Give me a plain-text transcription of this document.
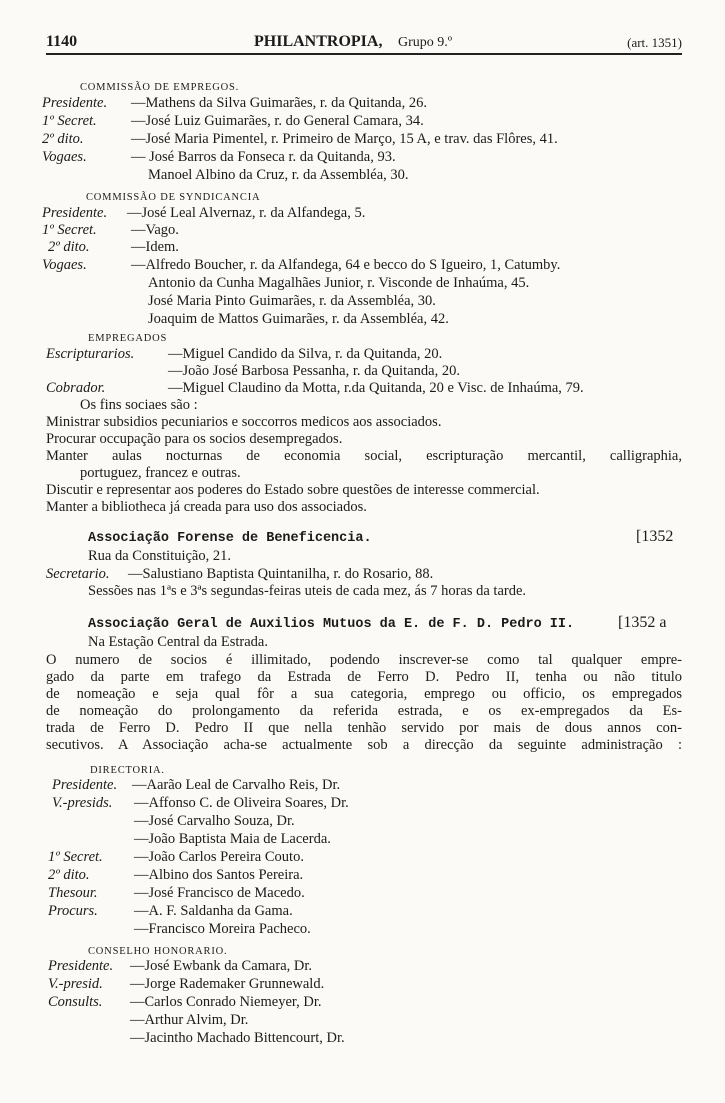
1140	PHILANTROPIA, Grupo 9.º	(art. 1351)
COMMISSÃO DE EMPREGOS.
Presidente. —Mathens da Silva Guimarães, r. da Quitanda, 26.
1º Secret. —José Luiz Guimarães, r. do General Camara, 34.
2º dito.	—José Maria Pimentel, r. Primeiro de Março, 15 A, e trav. das Flôres, 41.
Vogaes.	— José Barros da Fonseca r. da Quitanda, 93.
Manoel Albino da Cruz, r. da Assembléa, 30.
COMMISSÃO DE SYNDICANCIA
Presidente. —José Leal Alvernaz, r. da Alfandega, 5.
1º Secret. —Vago.
2º dito.	—Idem.
Vogaes.	—Alfredo Boucher, r. da Alfandega, 64 e becco do S Igueiro, 1, Catumby.
Antonio da Cunha Magalhães Junior, r. Visconde de Inhaúma, 45.
José Maria Pinto Guimarães, r. da Assembléa, 30.
Joaquim de Mattos Guimarães, r. da Assembléa, 42.
EMPREGADOS
Escripturarios. —Miguel Candido da Silva, r. da Quitanda, 20.
—João José Barbosa Pessanha, r. da Quitanda, 20.
Cobrador.	—Miguel Claudino da Motta, r.da Quitanda, 20 e Visc. de Inhaúma, 79.
Os fins sociaes são :
Ministrar subsidios pecuniarios e soccorros medicos aos associados.
Procurar occupação para os socios desempregados.
Manter aulas nocturnas de economia social, escripturação mercantil, calligraphia,
portuguez, francez e outras.
Discutir e representar aos poderes do Estado sobre questões de interesse commercial.
Manter a bibliotheca já creada para uso dos associados.
Associação Forense de Beneficencia.	[1352
Rua da Constituição, 21.
Secretario. —Salustiano Baptista Quintanilha, r. do Rosario, 88.
Sessões nas 1ªs e 3ªs segundas-feiras uteis de cada mez, ás 7 horas da tarde.
Associação Geral de Auxilios Mutuos da E. de F. D. Pedro II.	[1352 a
Na Estação Central da Estrada.
O numero de socios é illimitado, podendo inscrever-se como tal qualquer empre-
gado da parte em trafego da Estrada de Ferro D. Pedro II, tenha ou não titulo
de nomeação e seja qual fôr a sua categoria, emprego ou officio, os empregados
de nomeação do prolongamento da referida estrada, e os ex-empregados da Es-
trada de Ferro D. Pedro II que nella tenhão servido por mais de dous annos con-
secutivos. A Associação acha-se actualmente sob a direcção da seguinte administração :
DIRECTORIA.
Presidente. —Aarão Leal de Carvalho Reis, Dr.
V.-presids. —Affonso C. de Oliveira Soares, Dr.
—José Carvalho Souza, Dr.
—João Baptista Maia de Lacerda.
1º Secret. —João Carlos Pereira Couto.
2º dito.	—Albino dos Santos Pereira.
Thesour.	—José Francisco de Macedo.
Procurs. —A. F. Saldanha da Gama.
—Francisco Moreira Pacheco.
CONSELHO HONORARIO.
Presidente. —José Ewbank da Camara, Dr.
V.-presid. —Jorge Rademaker Grunnewald.
Consults. —Carlos Conrado Niemeyer, Dr.
—Arthur Alvim, Dr.
—Jacintho Machado Bittencourt, Dr.
